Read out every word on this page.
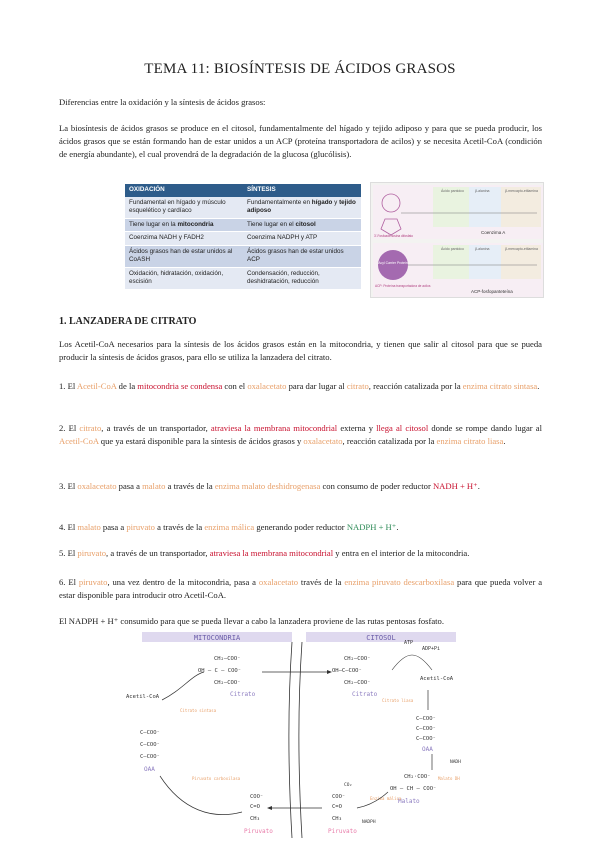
TEMA 11: BIOSÍNTESIS DE ÁCIDOS GRASOS
Diferencias entre la oxidación y la síntesis de ácidos grasos:
La biosíntesis de ácidos grasos se produce en el citosol, fundamentalmente del hígado y tejido adiposo y para que se pueda producir, los ácidos grasos que se están formando han de estar unidos a un ACP (proteína transportadora de acilos) y se necesita Acetil-CoA (condición de energía abundante), el cual provendrá de la degradación de la glucosa (glucólisis).
OXIDACIÓN	SÍNTESIS
Fundamental en hígado y músculo esquelético y cardíaco	Fundamentalmente en hígado y tejido adiposo
Tiene lugar en la mitocondria	Tiene lugar en el citosol
Coenzima NADH y FADH2	Coenzima NADPH y ATP
Ácidos grasos han de estar unidos al CoASH	Ácidos grasos han de estar unidos ACP
Oxidación, hidratación, oxidación, escisión	Condensación, reducción, deshidratación, reducción
Ácido pantoico	β-alanina	β-mercapto-etilamina
3'-Fosfoadenosina difosfato
Coenzima A
Ácido pantoico	β-alanina	β-mercapto-etilamina
Acyl Carrier Protein
ACP: Proteína transportadora de acilos
ACP-fosfopanteteína
1. LANZADERA DE CITRATO
Los Acetil-CoA necesarios para la síntesis de los ácidos grasos están en la mitocondria, y tienen que salir al citosol para que se pueda producir la síntesis de ácidos grasos, para ello se utiliza la lanzadera del citrato.
1. El Acetil-CoA de la mitocondria se condensa con el oxalacetato para dar lugar al citrato, reacción catalizada por la enzima citrato sintasa.
2. El citrato, a través de un transportador, atraviesa la membrana mitocondrial externa y llega al citosol donde se rompe dando lugar al Acetil-CoA que ya estará disponible para la síntesis de ácidos grasos y oxalacetato, reacción catalizada por la enzima citrato liasa.
3. El oxalacetato pasa a malato a través de la enzima malato deshidrogenasa con consumo de poder reductor NADH + H⁺.
4. El malato pasa a piruvato a través de la enzima málica generando poder reductor NADPH + H⁺.
5. El piruvato, a través de un transportador, atraviesa la membrana mitocondrial y entra en el interior de la mitocondria.
6. El piruvato, una vez dentro de la mitocondria, pasa a oxalacetato través de la enzima piruvato descarboxilasa para que pueda volver a estar disponible para introducir otro Acetil-CoA.
El NADPH + H⁺ consumido para que se pueda llevar a cabo la lanzadera proviene de las rutas pentosas fosfato.
MITOCONDRIA	CITOSOL
CH₂–COO⁻
OH – C – COO⁻
CH₂–COO⁻
Citrato
CH₂–COO⁻
OH–C–COO⁻
CH₂–COO⁻
Citrato
ATP
ADP+Pi
Acetil-CoA
Citrato liasa
C–COO⁻
C–COO⁻
C–COO⁻
OAA
NADH
Malato DH
CH₂·COO⁻
OH – CH – COO⁻
Malato
Enzima málica
COO⁻
C=O
CH₃
Piruvato
NADPH
CO₂
COO⁻
C=O
CH₃
Piruvato
C–COO⁻
C–COO⁻
C–COO⁻
OAA
Piruvato carboxilasa
Acetil-CoA
Citrato sintasa
